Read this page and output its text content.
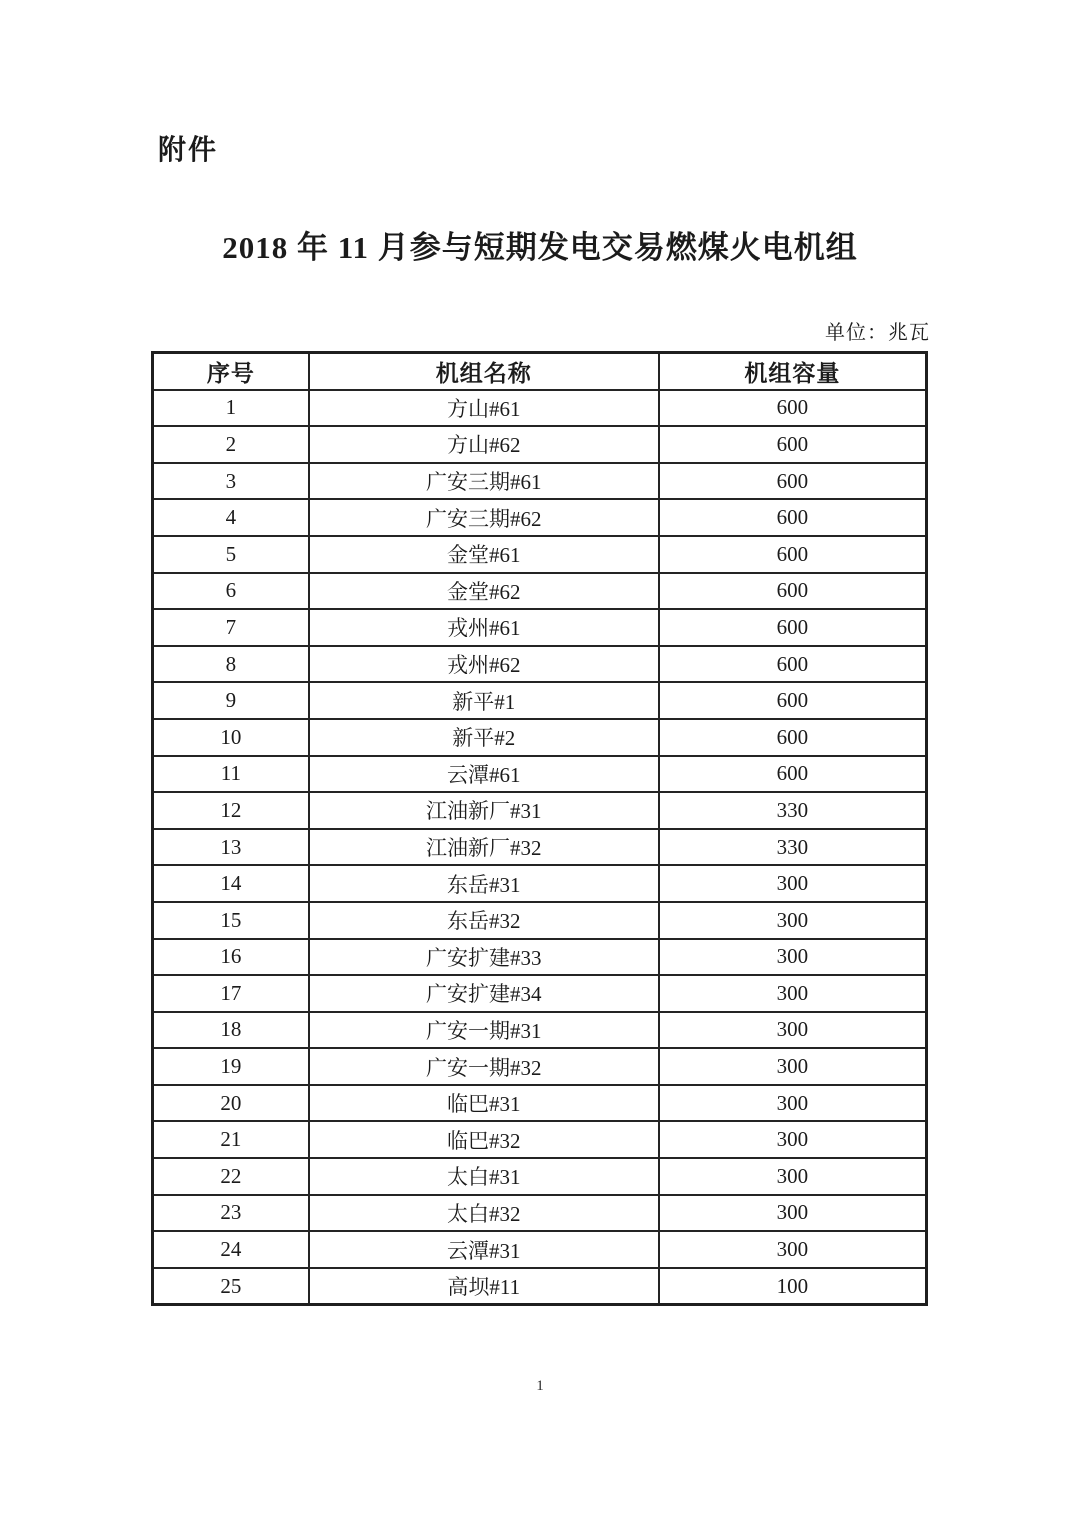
附件
2018 年 11 月参与短期发电交易燃煤火电机组
单位：兆瓦
序号	机组名称	机组容量
1	方山#61	600
2	方山#62	600
3	广安三期#61	600
4	广安三期#62	600
5	金堂#61	600
6	金堂#62	600
7	戎州#61	600
8	戎州#62	600
9	新平#1	600
10	新平#2	600
11	云潭#61	600
12	江油新厂#31	330
13	江油新厂#32	330
14	东岳#31	300
15	东岳#32	300
16	广安扩建#33	300
17	广安扩建#34	300
18	广安一期#31	300
19	广安一期#32	300
20	临巴#31	300
21	临巴#32	300
22	太白#31	300
23	太白#32	300
24	云潭#31	300
25	高坝#11	100
1
